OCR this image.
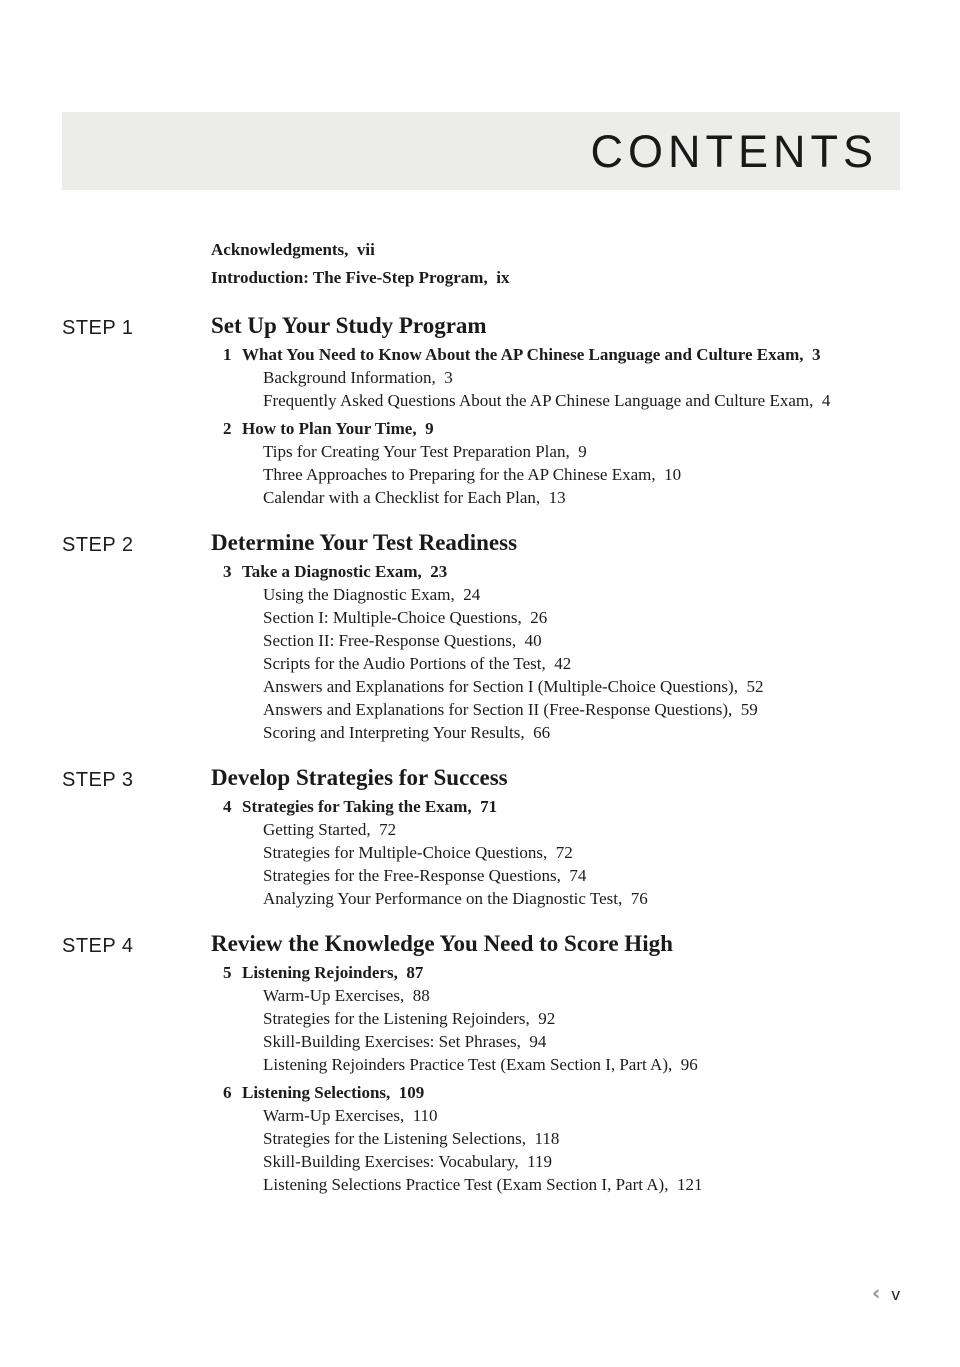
CONTENTS

Acknowledgments,  vii

Introduction: The Five-Step Program,  ix

STEP 1	Set Up Your Study Program

1 What You Need to Know About the AP Chinese Language and Culture Exam,  3

Background Information,  3

Frequently Asked Questions About the AP Chinese Language and Culture Exam,  4

2 How to Plan Your Time,  9

Tips for Creating Your Test Preparation Plan,  9

Three Approaches to Preparing for the AP Chinese Exam,  10

Calendar with a Checklist for Each Plan,  13

STEP 2	Determine Your Test Readiness

3 Take a Diagnostic Exam,  23

Using the Diagnostic Exam,  24

Section I: Multiple-Choice Questions,  26

Section II: Free-Response Questions,  40

Scripts for the Audio Portions of the Test,  42

Answers and Explanations for Section I (Multiple-Choice Questions),  52

Answers and Explanations for Section II (Free-Response Questions),  59

Scoring and Interpreting Your Results,  66

STEP 3	Develop Strategies for Success

4 Strategies for Taking the Exam,  71

Getting Started,  72

Strategies for Multiple-Choice Questions,  72

Strategies for the Free-Response Questions,  74

Analyzing Your Performance on the Diagnostic Test,  76

STEP 4	Review the Knowledge You Need to Score High

5 Listening Rejoinders,  87

Warm-Up Exercises,  88

Strategies for the Listening Rejoinders,  92

Skill-Building Exercises: Set Phrases,  94

Listening Rejoinders Practice Test (Exam Section I, Part A),  96

6 Listening Selections,  109

Warm-Up Exercises,  110

Strategies for the Listening Selections,  118

Skill-Building Exercises: Vocabulary,  119

Listening Selections Practice Test (Exam Section I, Part A),  121

‹ v
